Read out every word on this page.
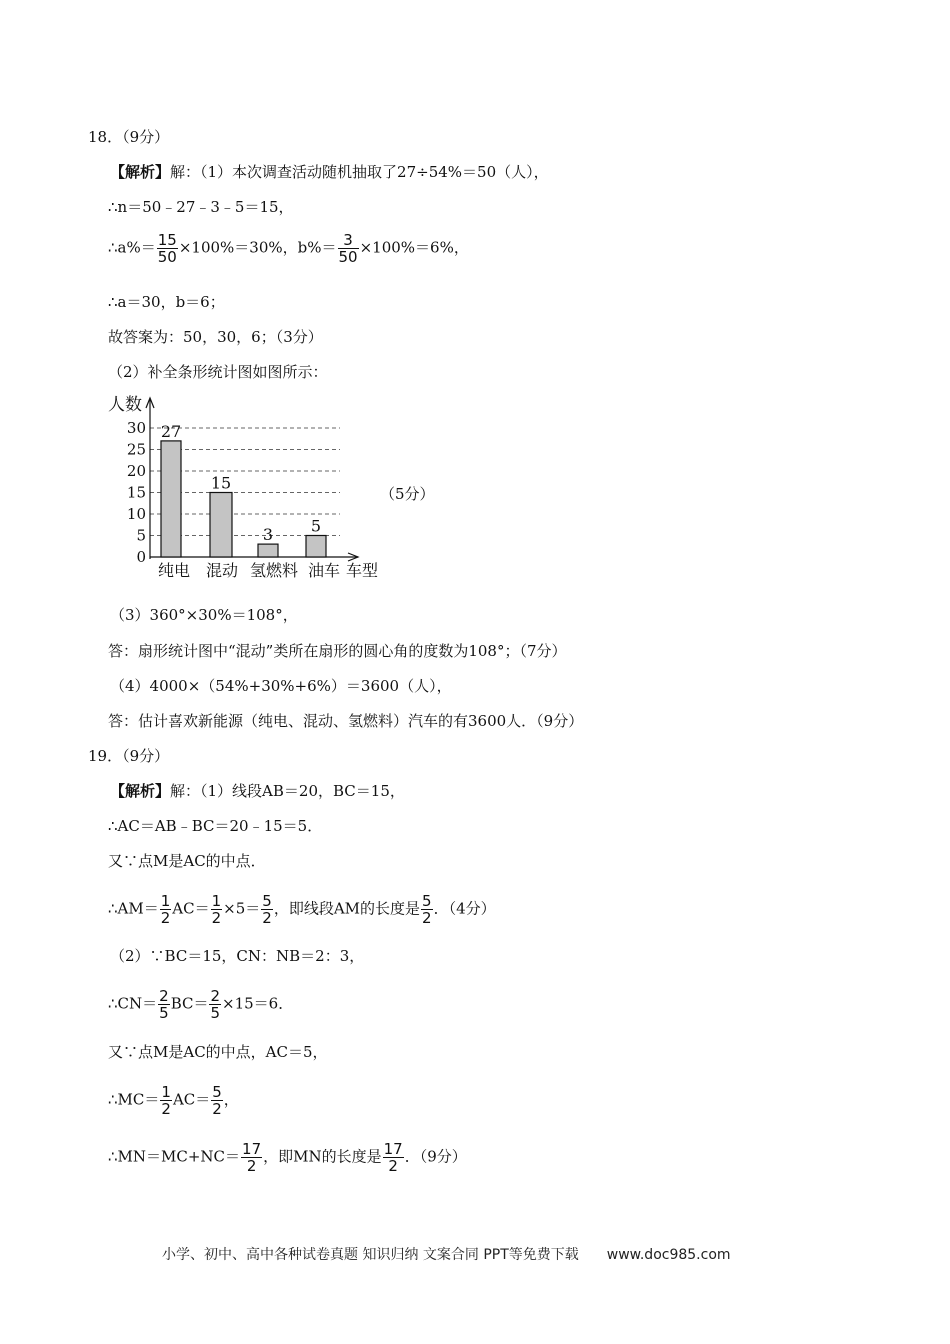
18．（9分）
【解析】解：（1）本次调查活动随机抽取了27÷54%＝50（人），
∴n＝50﹣27﹣3﹣5＝15，
∴a%＝ $\frac{15}{50} \times 100\%=30\%$，$b\%= \frac{3}{50} \times 100\%=6\%$，
∴a＝30，b＝6；
故答案为：50，30，6；（3分）
（2）补全条形统计图如图所示：
0
5
10
15
20
25
30
人数
27
15
3 5
纯电 混动 氢燃料 油车 车型
（5分）
（3）360°×30%＝108°，
答：扇形统计图中“混动”类所在扇形的圆心角的度数为108°；（7分）
（4）4000×（54%+30%+6%）＝3600（人），
答：估计喜欢新能源（纯电、混动、氢燃料）汽车的有3600人．（9分）
19．（9分）
【解析】解：（1）线段AB＝20，BC＝15，
∴AC＝AB﹣BC＝20﹣15＝5．
又∵点M是AC的中点．
∴AM＝ $\frac{1}{2} AC= \frac{1}{2} \times 5= \frac{5}{2}$ ，即线段AM的长度是 $\frac{5}{2}$ ．（4分）
（2）∵BC＝15，CN：NB＝2：3，
∴CN＝ $\frac{2}{5} BC= \frac{2}{5} \times 15=6$．
又∵点M是AC的中点，AC＝5，
∴MC＝ $\frac{1}{2} AC= \frac{5}{2}$ ，
∴MN＝MC+NC＝ $\frac{17}{2}$ ，即MN的长度是 $\frac{17}{2}$ ．（9分）
小学、初中、高中各种试卷真题 知识归纳 文案合同 PPT等免费下载　　www.doc985.com
